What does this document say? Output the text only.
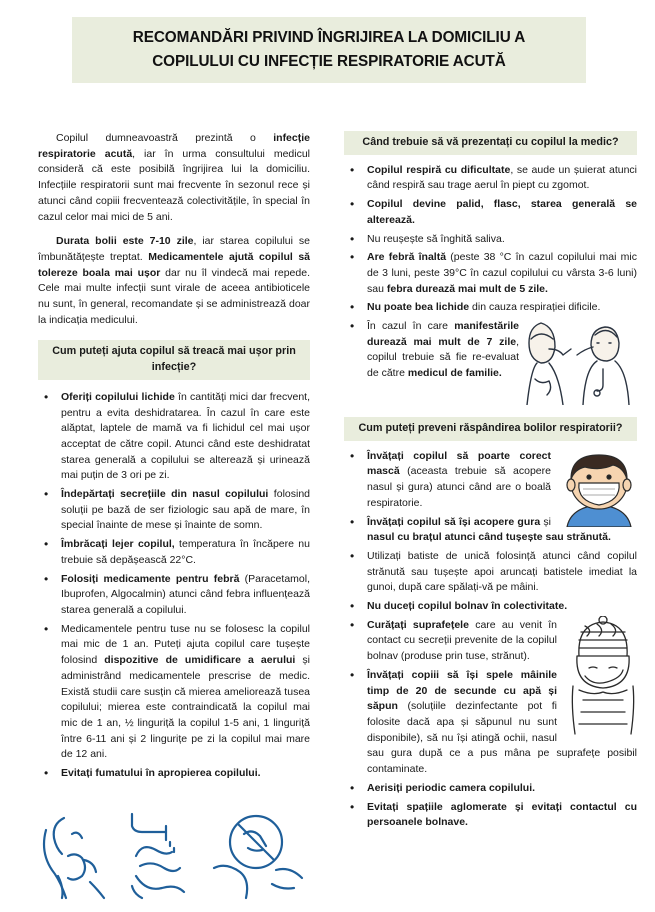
RECOMANDĂRI PRIVIND ÎNGRIJIREA LA DOMICILIU A
COPILULUI CU INFECȚIE RESPIRATORIE ACUTĂ

Copilul dumneavoastră prezintă o infecție respiratorie acută, iar în urma consultului medicul consideră că este posibilă îngrijirea lui la domiciliu. Infecțiile respiratorii sunt mai frecvente în sezonul rece și atunci când copiii frecventează colectivitățile, în special în cazul celor mai mici de 5 ani.

Durata bolii este 7-10 zile, iar starea copilului se îmbunătățește treptat. Medicamentele ajută copilul să tolereze boala mai ușor dar nu îl vindecă mai repede. Cele mai multe infecții sunt virale de aceea antibioticele nu sunt, în general, recomandate și se administrează doar la indicația medicului.

Cum puteți ajuta copilul să treacă mai ușor prin infecție?
• Oferiți copilului lichide în cantități mici dar frecvent, pentru a evita deshidratarea. În cazul în care este alăptat, laptele de mamă va fi lichidul cel mai ușor acceptat de către copil. Atunci când este deshidratat starea generală a copilului se alterează și urinează mai puțin de 3 ori pe zi.
• Îndepărtați secrețiile din nasul copilului folosind soluții pe bază de ser fiziologic sau apă de mare, în special înainte de mese și înainte de somn.
• Îmbrăcați lejer copilul, temperatura în încăpere nu trebuie să depășească 22°C.
• Folosiți medicamente pentru febră (Paracetamol, Ibuprofen, Algocalmin) atunci când febra influențează starea generală a copilului.
• Medicamentele pentru tuse nu se folosesc la copilul mai mic de 1 an. Puteți ajuta copilul care tușește folosind dispozitive de umidificare a aerului și administrând medicamentele prescrise de medic. Există studii care susțin că mierea ameliorează tusea copilului; mierea este contraindicată la copilul mai mic de 1 an, ½ linguriță la copilul 1-5 ani, 1 linguriță între 6-11 ani și 2 lingurițe pe zi la copilul mai mare de 12 ani.
• Evitați fumatului în apropierea copilului.
Când trebuie să vă prezentați cu copilul la medic?
• Copilul respiră cu dificultate, se aude un șuierat atunci când respiră sau trage aerul în piept cu zgomot.
• Copilul devine palid, flasc, starea generală se alterează.
• Nu reușește să înghită saliva.
• Are febră înaltă (peste 38 °C în cazul copilului mai mic de 3 luni, peste 39°C în cazul copilului cu vârsta 3-6 luni) sau febra durează mai mult de 5 zile.
• Nu poate bea lichide din cauza respirației dificile.
• În cazul în care manifestările durează mai mult de 7 zile, copilul trebuie să fie re-evaluat de către medicul de familie.
Cum puteți preveni răspândirea bolilor respiratorii?
• Învățați copilul să poarte corect mască (aceasta trebuie să acopere nasul și gura) atunci când are o boală respiratorie.
• Învățați copilul să își acopere gura și nasul cu brațul atunci când tușește sau strănută.
• Utilizați batiste de unică folosință atunci când copilul strănută sau tușește apoi aruncați batistele imediat la gunoi, după care spălați-vă pe mâini.
• Nu duceți copilul bolnav în colectivitate.
• Curățați suprafețele care au venit în contact cu secreții prevenite de la copilul bolnav (produse prin tuse, strănut).
• Învățați copiii să își spele mâinile timp de 20 de secunde cu apă și săpun (soluțiile dezinfectante pot fi folosite dacă apa și săpunul nu sunt disponibile), să nu își atingă ochii, nasul sau gura după ce a pus mâna pe suprafețe posibil contaminate.
• Aerisiți periodic camera copilului.
• Evitați spațiile aglomerate și evitați contactul cu persoanele bolnave.
